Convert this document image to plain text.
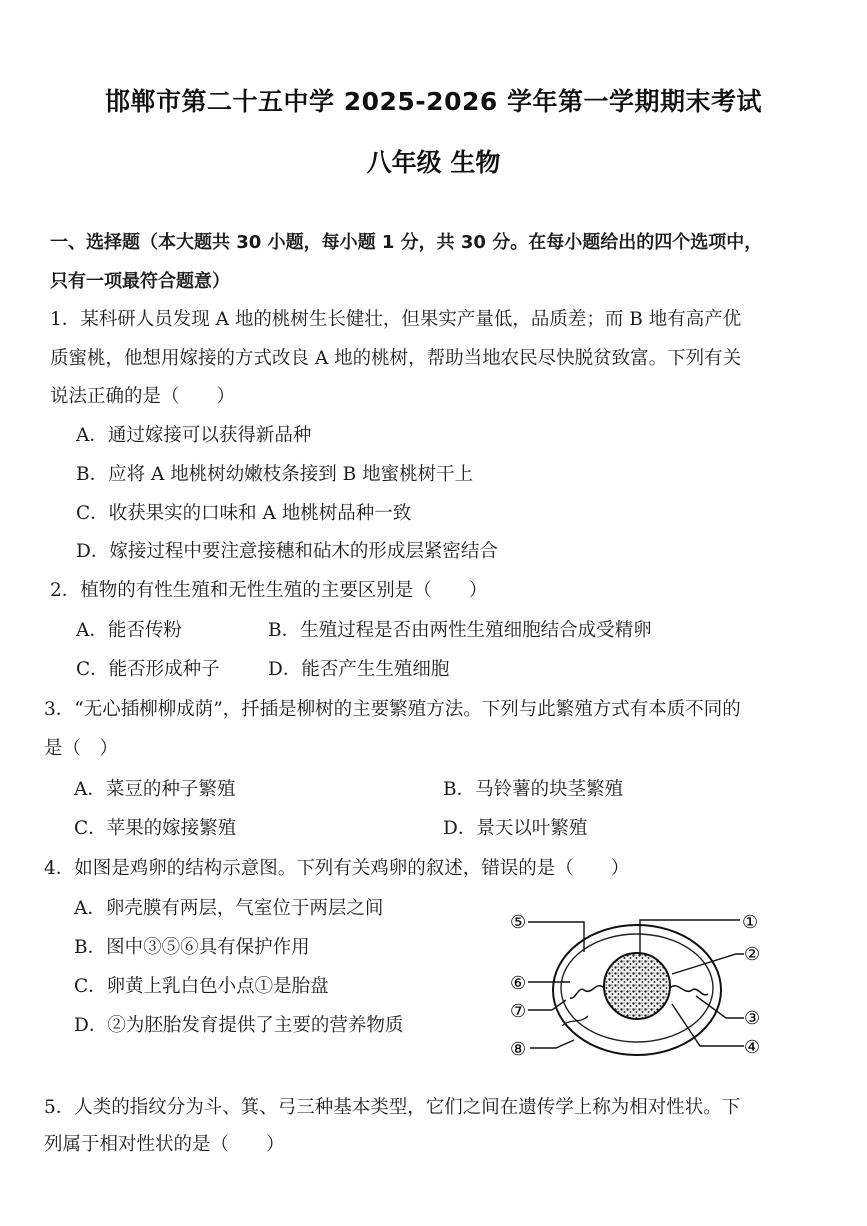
邯郸市第二十五中学 2025-2026 学年第一学期期末考试
八年级 生物
一、选择题（本大题共 30 小题，每小题 1 分，共 30 分。在每小题给出的四个选项中，
只有一项最符合题意）
1．某科研人员发现 A 地的桃树生长健壮，但果实产量低，品质差；而 B 地有高产优
质蜜桃，他想用嫁接的方式改良 A 地的桃树，帮助当地农民尽快脱贫致富。下列有关
说法正确的是（　　）
A．通过嫁接可以获得新品种
B．应将 A 地桃树幼嫩枝条接到 B 地蜜桃树干上
C．收获果实的口味和 A 地桃树品种一致
D．嫁接过程中要注意接穗和砧木的形成层紧密结合
2．植物的有性生殖和无性生殖的主要区别是（　　）
A．能否传粉	B．生殖过程是否由两性生殖细胞结合成受精卵
C．能否形成种子	D．能否产生生殖细胞
3．“无心插柳柳成荫”，扦插是柳树的主要繁殖方法。下列与此繁殖方式有本质不同的
是（　）
A．菜豆的种子繁殖	B．马铃薯的块茎繁殖
C．苹果的嫁接繁殖	D．景天以叶繁殖
4．如图是鸡卵的结构示意图。下列有关鸡卵的叙述，错误的是（　　）
A．卵壳膜有两层，气室位于两层之间
B．图中③⑤⑥具有保护作用
C．卵黄上乳白色小点①是胎盘
D．②为胚胎发育提供了主要的营养物质
⑤	①
②
⑥
⑦	③
⑧	④
5．人类的指纹分为斗、箕、弓三种基本类型，它们之间在遗传学上称为相对性状。下
列属于相对性状的是（　　）
